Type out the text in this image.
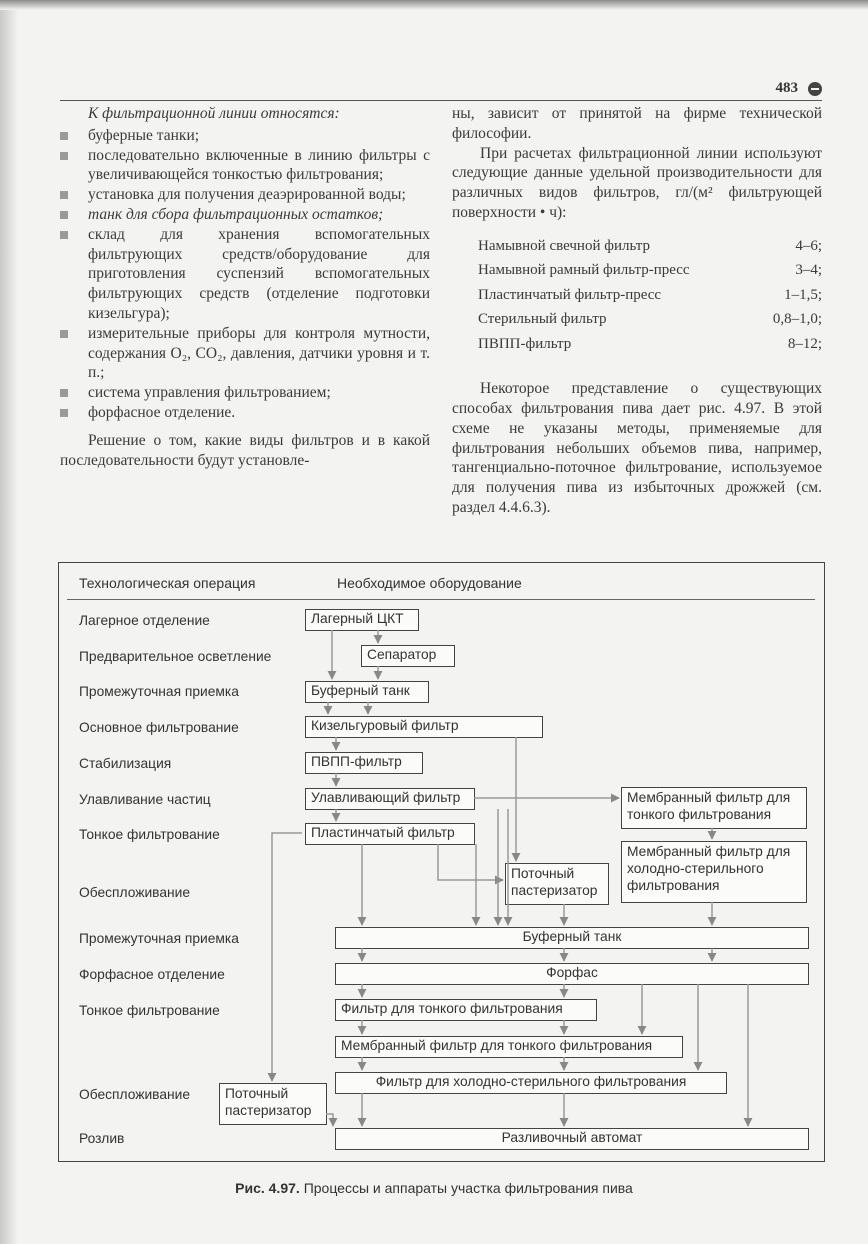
483

К фильтрационной линии относятся:

буферные танки;
последовательно включенные в линию фильтры с увеличивающейся тонкостью фильтрования;
установка для получения деаэрированной воды;
танк для сбора фильтрационных остатков;
склад для хранения вспомогательных фильтрующих средств/оборудование для приготовления суспензий вспомогательных фильтрующих средств (отделение подготовки кизельгура);
измерительные приборы для контроля мутности, содержания O₂, CO₂, давления, датчики уровня и т. п.;
система управления фильтрованием;
форфасное отделение.

Решение о том, какие виды фильтров и в какой последовательности будут установле-

ны, зависит от принятой на фирме технической философии.

При расчетах фильтрационной линии используют следующие данные удельной производительности для различных видов фильтров, гл/(м² фильтрующей поверхности • ч):

Намывной свечной фильтр	4–6;
Намывной рамный фильтр-пресс	3–4;
Пластинчатый фильтр-пресс	1–1,5;
Стерильный фильтр	0,8–1,0;
ПВПП-фильтр	8–12;

Некоторое представление о существующих способах фильтрования пива дает рис. 4.97. В этой схеме не указаны методы, применяемые для фильтрования небольших объемов пива, например, тангенциально-поточное фильтрование, используемое для получения пива из избыточных дрожжей (см. раздел 4.4.6.3).

Технологическая операция	Необходимое оборудование
Лагерное отделение
Предварительное осветление
Промежуточная приемка
Основное фильтрование
Стабилизация
Улавливание частиц
Тонкое фильтрование
Обеспложивание
Промежуточная приемка
Форфасное отделение
Тонкое фильтрование
Обеспложивание
Розлив
Лагерный ЦКТ
Сепаратор
Буферный танк
Кизельгуровый фильтр
ПВПП-фильтр
Улавливающий фильтр
Пластинчатый фильтр
Мембранный фильтр для тонкого фильтрования
Мембранный фильтр для холодно-стерильного фильтрования
Поточный пастеризатор
Буферный танк
Форфас
Фильтр для тонкого фильтрования
Мембранный фильтр для тонкого фильтрования
Фильтр для холодно-стерильного фильтрования
Поточный пастеризатор
Разливочный автомат
Рис. 4.97. Процессы и аппараты участка фильтрования пива
